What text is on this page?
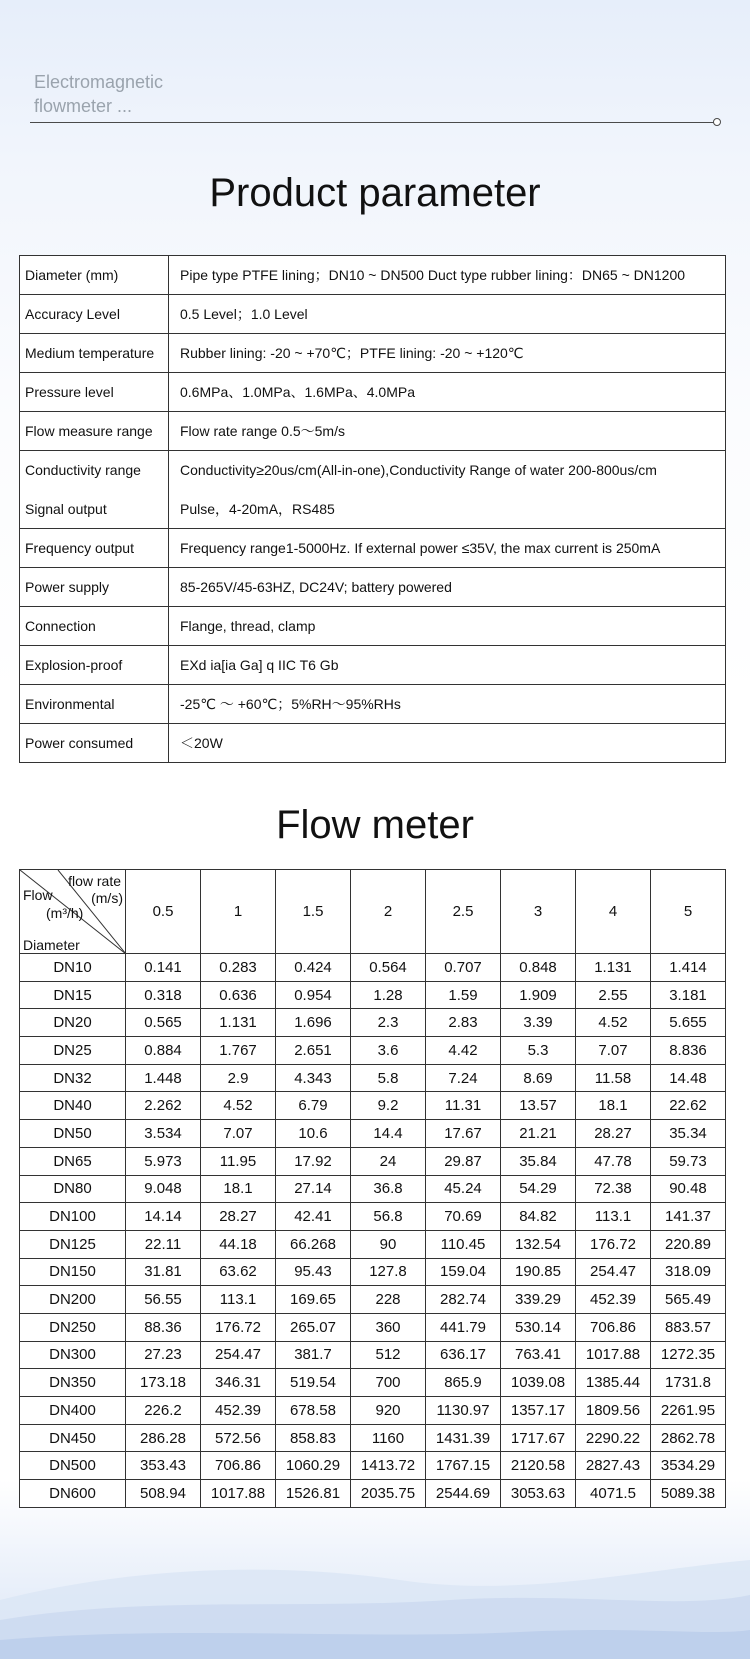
Electromagnetic
flowmeter ...
Product parameter
Diameter (mm)	Pipe type PTFE lining；DN10 ~ DN500 Duct type rubber lining：DN65 ~ DN1200
Accuracy Level	0.5 Level；1.0 Level
Medium temperature	Rubber lining: -20 ~ +70℃；PTFE lining: -20 ~ +120℃
Pressure level	0.6MPa、1.0MPa、1.6MPa、4.0MPa
Flow measure range	Flow rate range 0.5〜5m/s
Conductivity range	Conductivity≥20us/cm(All-in-one),Conductivity Range of water 200-800us/cm
Signal output	Pulse，4-20mA，RS485
Frequency output	Frequency range1-5000Hz. If external power ≤35V, the max current is 250mA
Power supply	85-265V/45-63HZ, DC24V; battery powered
Connection	Flange, thread, clamp
Explosion-proof	EXd ia[ia Ga] q IIC T6 Gb
Environmental	-25℃ 〜 +60℃；5%RH〜95%RHs
Power consumed	＜20W
Flow meter
flow rate
(m/s)
Flow
(m³/h)
Diameter	0.5	1	1.5	2	2.5	3	4	5
DN10	0.141	0.283	0.424	0.564	0.707	0.848	1.131	1.414
DN15	0.318	0.636	0.954	1.28	1.59	1.909	2.55	3.181
DN20	0.565	1.131	1.696	2.3	2.83	3.39	4.52	5.655
DN25	0.884	1.767	2.651	3.6	4.42	5.3	7.07	8.836
DN32	1.448	2.9	4.343	5.8	7.24	8.69	11.58	14.48
DN40	2.262	4.52	6.79	9.2	11.31	13.57	18.1	22.62
DN50	3.534	7.07	10.6	14.4	17.67	21.21	28.27	35.34
DN65	5.973	11.95	17.92	24	29.87	35.84	47.78	59.73
DN80	9.048	18.1	27.14	36.8	45.24	54.29	72.38	90.48
DN100	14.14	28.27	42.41	56.8	70.69	84.82	113.1	141.37
DN125	22.11	44.18	66.268	90	110.45	132.54	176.72	220.89
DN150	31.81	63.62	95.43	127.8	159.04	190.85	254.47	318.09
DN200	56.55	113.1	169.65	228	282.74	339.29	452.39	565.49
DN250	88.36	176.72	265.07	360	441.79	530.14	706.86	883.57
DN300	27.23	254.47	381.7	512	636.17	763.41	1017.88	1272.35
DN350	173.18	346.31	519.54	700	865.9	1039.08	1385.44	1731.8
DN400	226.2	452.39	678.58	920	1130.97	1357.17	1809.56	2261.95
DN450	286.28	572.56	858.83	1160	1431.39	1717.67	2290.22	2862.78
DN500	353.43	706.86	1060.29	1413.72	1767.15	2120.58	2827.43	3534.29
DN600	508.94	1017.88	1526.81	2035.75	2544.69	3053.63	4071.5	5089.38
